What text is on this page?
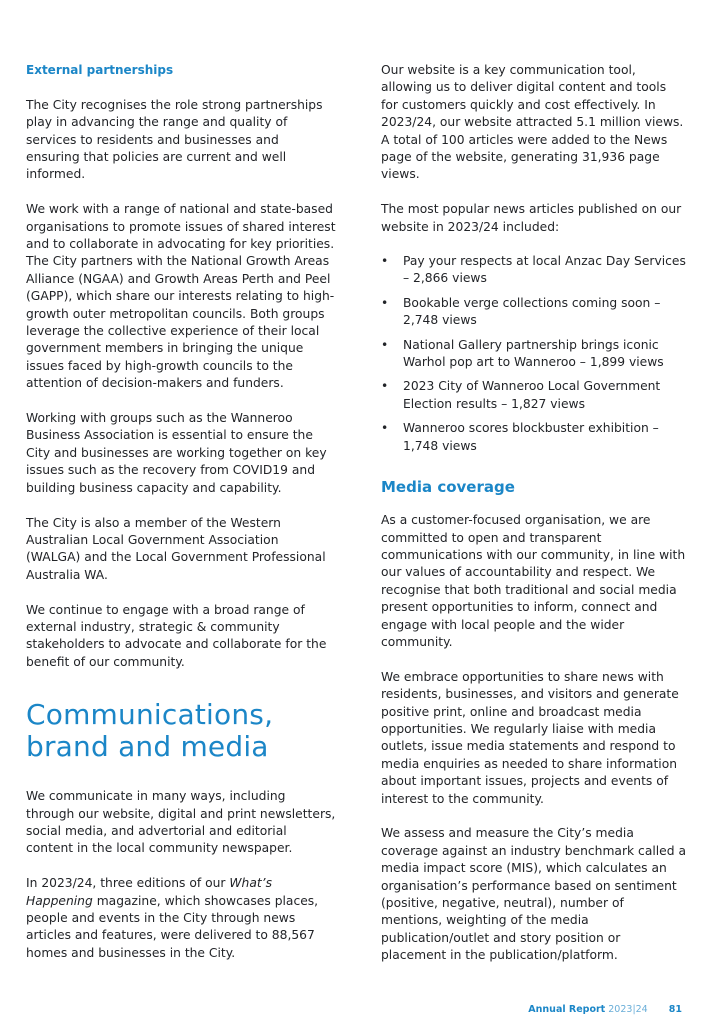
External partnerships

The City recognises the role strong partnerships play in advancing the range and quality of services to residents and businesses and ensuring that policies are current and well informed.

We work with a range of national and state-based organisations to promote issues of shared interest and to collaborate in advocating for key priorities. The City partners with the National Growth Areas Alliance (NGAA) and Growth Areas Perth and Peel (GAPP), which share our interests relating to high-growth outer metropolitan councils. Both groups leverage the collective experience of their local government members in bringing the unique issues faced by high-growth councils to the attention of decision-makers and funders.

Working with groups such as the Wanneroo Business Association is essential to ensure the City and businesses are working together on key issues such as the recovery from COVID19 and building business capacity and capability.

The City is also a member of the Western Australian Local Government Association (WALGA) and the Local Government Professional Australia WA.

We continue to engage with a broad range of external industry, strategic & community stakeholders to advocate and collaborate for the benefit of our community.

Communications, brand and media

We communicate in many ways, including through our website, digital and print newsletters, social media, and advertorial and editorial content in the local community newspaper.

In 2023/24, three editions of our What’s Happening magazine, which showcases places, people and events in the City through news articles and features, were delivered to 88,567 homes and businesses in the City.

Our website is a key communication tool, allowing us to deliver digital content and tools for customers quickly and cost effectively. In 2023/24, our website attracted 5.1 million views. A total of 100 articles were added to the News page of the website, generating 31,936 page views.

The most popular news articles published on our website in 2023/24 included:

• Pay your respects at local Anzac Day Services – 2,866 views
• Bookable verge collections coming soon – 2,748 views
• National Gallery partnership brings iconic Warhol pop art to Wanneroo – 1,899 views
• 2023 City of Wanneroo Local Government Election results – 1,827 views
• Wanneroo scores blockbuster exhibition – 1,748 views
Media coverage

As a customer-focused organisation, we are committed to open and transparent communications with our community, in line with our values of accountability and respect. We recognise that both traditional and social media present opportunities to inform, connect and engage with local people and the wider community.

We embrace opportunities to share news with residents, businesses, and visitors and generate positive print, online and broadcast media opportunities. We regularly liaise with media outlets, issue media statements and respond to media enquiries as needed to share information about important issues, projects and events of interest to the community.

We assess and measure the City’s media coverage against an industry benchmark called a media impact score (MIS), which calculates an organisation’s performance based on sentiment (positive, negative, neutral), number of mentions, weighting of the media publication/outlet and story position or placement in the publication/platform.

Annual Report 2023|24 81
